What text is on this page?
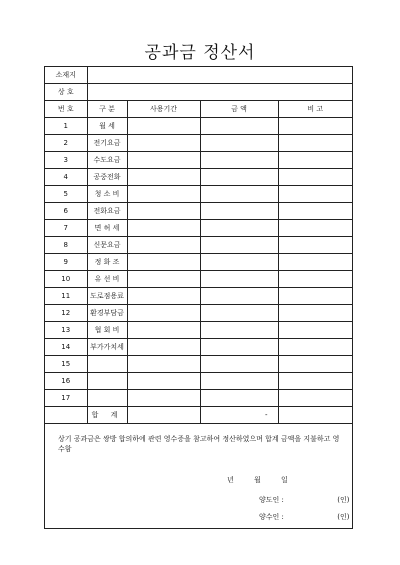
공과금 정산서
소재지				
상 호				
번 호	구 분	사용기간	금 액	비 고
1	월 세			
2	전기요금			
3	수도요금			
4	공중전화			
5	청 소 비			
6	전화요금			
7	면 허 세			
8	신문요금			
9	정 화 조			
10	유 선 비			
11	도로점용료			
12	환경부담금			
13	협 회 비			
14	부가가치세			
15				
16				
17				
	합 계		-	
상기 공과금은 쌍방 합의하에 관련 영수증을 참고하여 정산하였으며 합계 금액을 지불하고 영수함
년	월	일
양도인 :	(인)
양수인 :	(인)
